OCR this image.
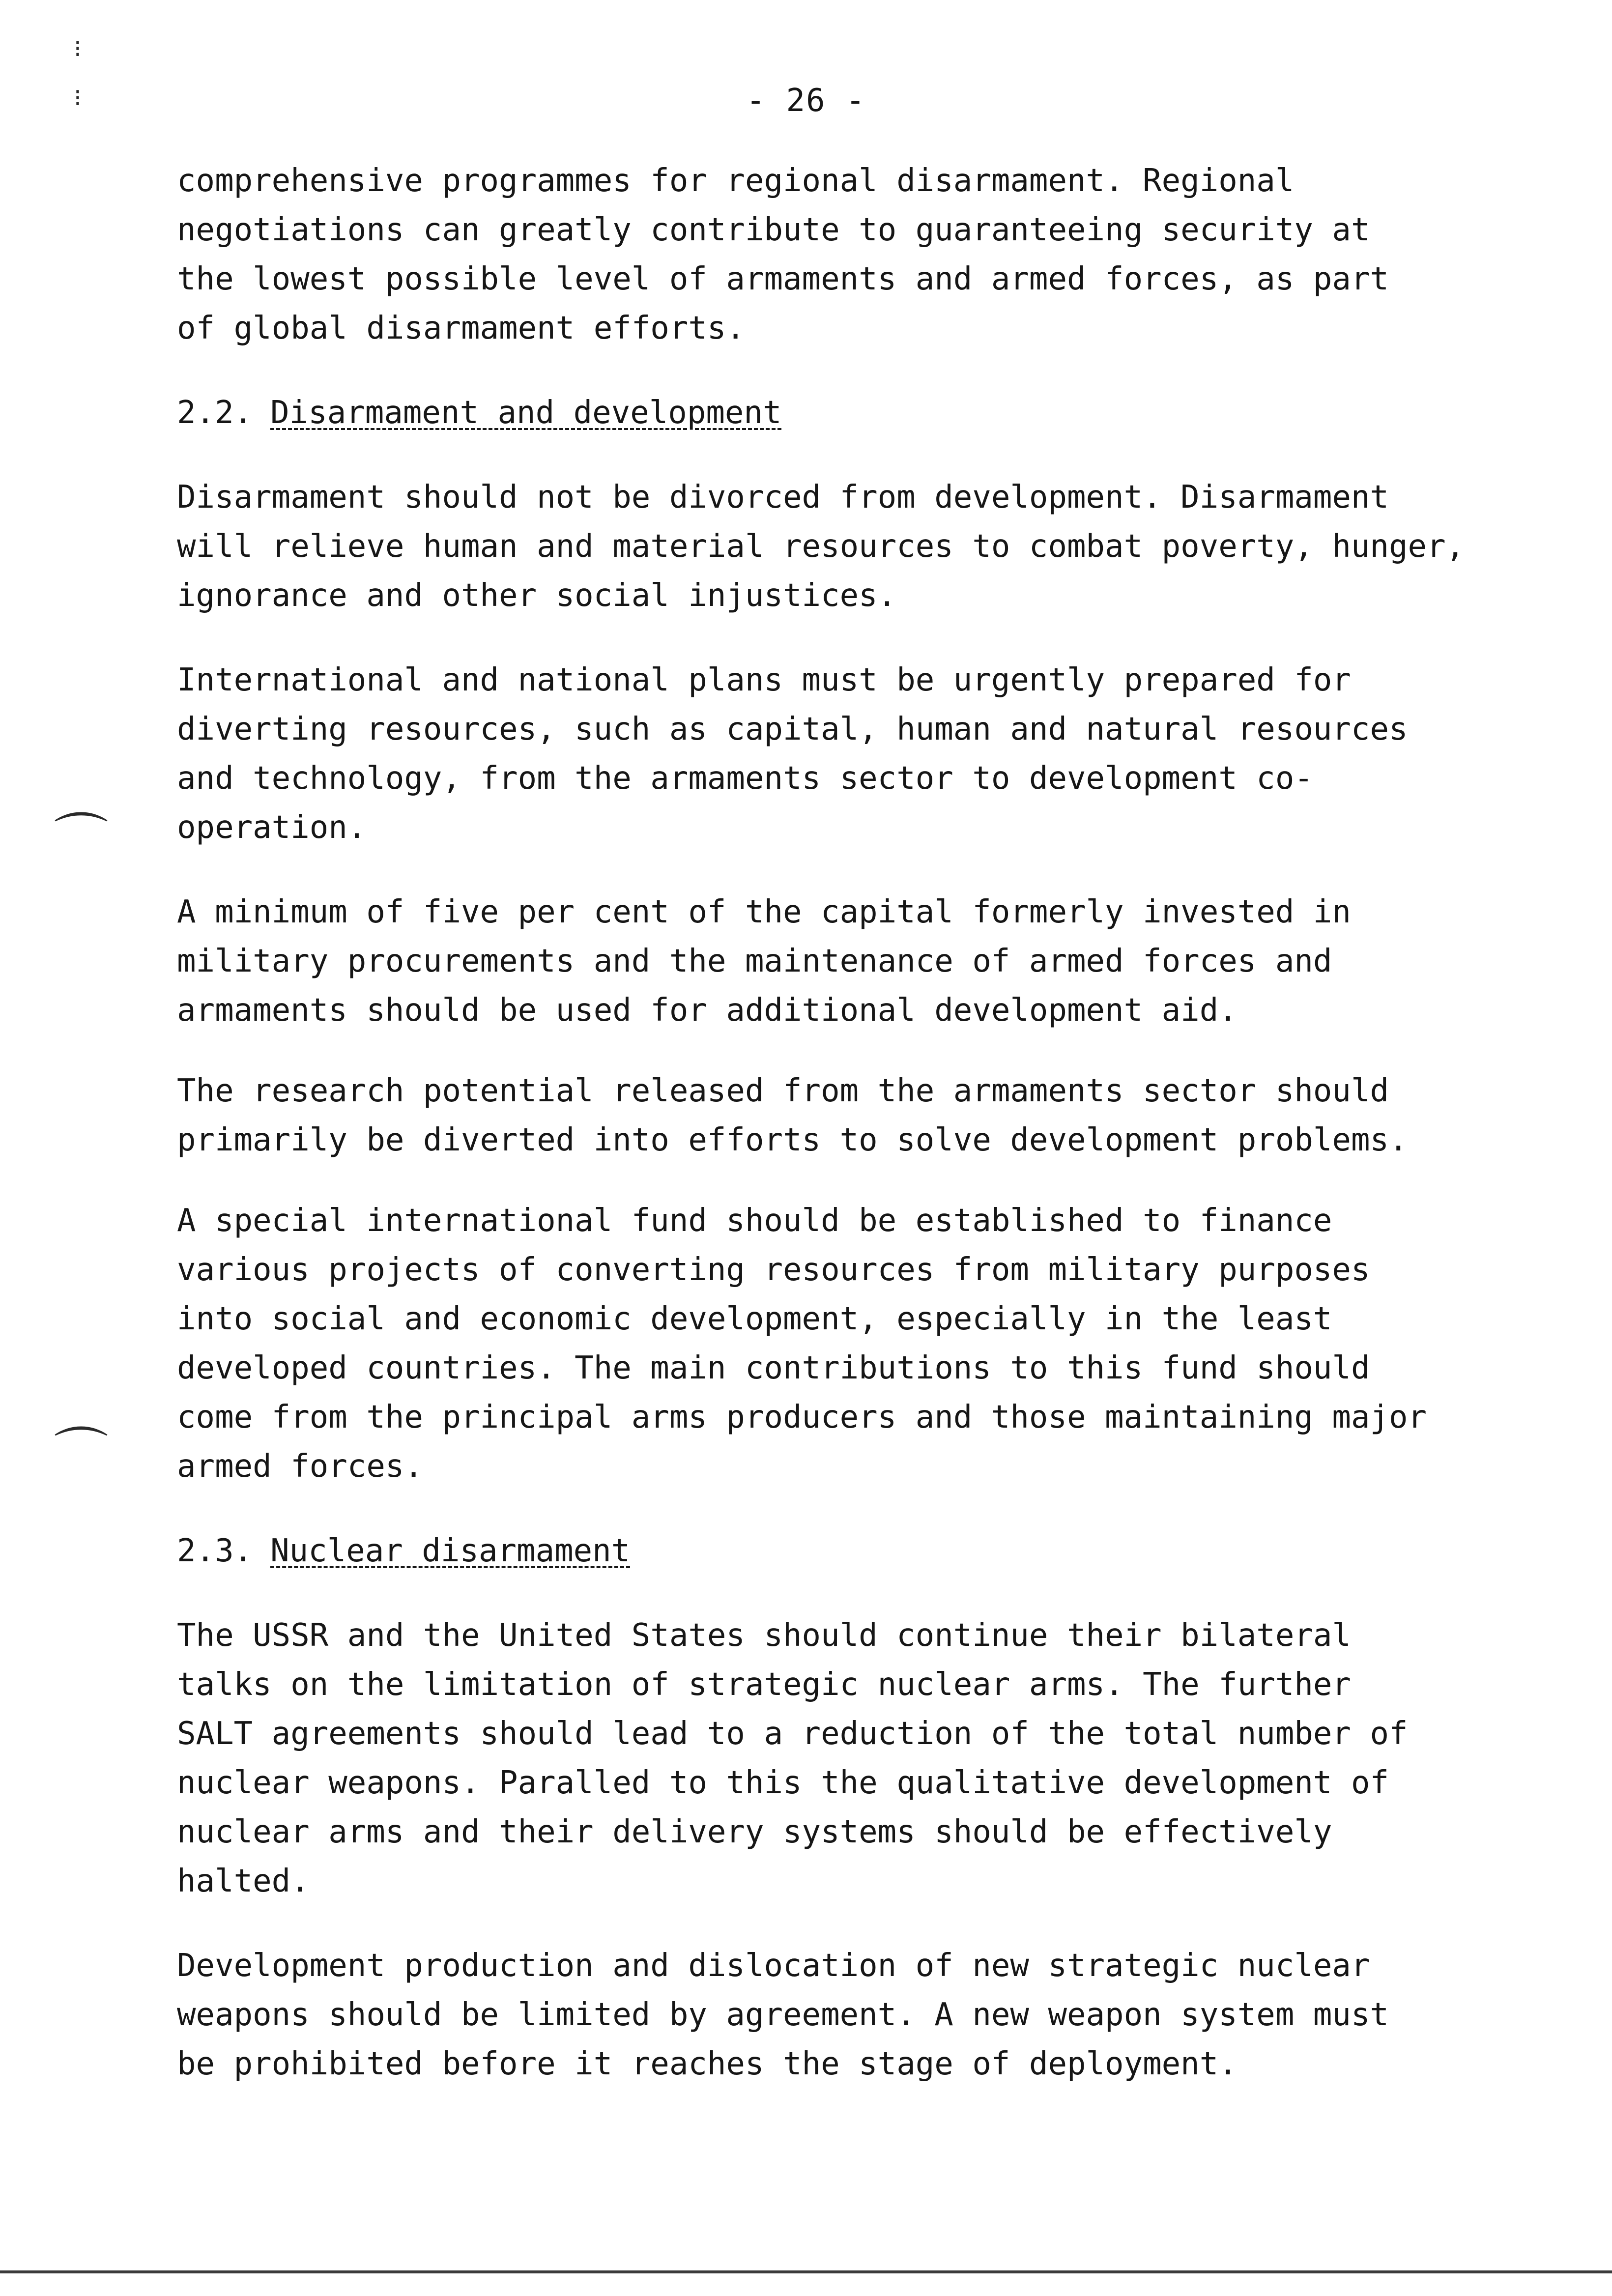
⁝
⁝
⌒
⌒
- 26 -

comprehensive programmes for regional disarmament. Regional
negotiations can greatly contribute to guaranteeing security at
the lowest possible level of armaments and armed forces, as part
of global disarmament efforts.

2.2. Disarmament and development

Disarmament should not be divorced from development. Disarmament
will relieve human and material resources to combat poverty, hunger,
ignorance and other social injustices.

International and national plans must be urgently prepared for
diverting resources, such as capital, human and natural resources
and technology, from the armaments sector to development co-
operation.

A minimum of five per cent of the capital formerly invested in
military procurements and the maintenance of armed forces and
armaments should be used for additional development aid.

The research potential released from the armaments sector should
primarily be diverted into efforts to solve development problems.

A special international fund should be established to finance
various projects of converting resources from military purposes
into social and economic development, especially in the least
developed countries. The main contributions to this fund should
come from the principal arms producers and those maintaining major
armed forces.

2.3. Nuclear disarmament

The USSR and the United States should continue their bilateral
talks on the limitation of strategic nuclear arms. The further
SALT agreements should lead to a reduction of the total number of
nuclear weapons. Paralled to this the qualitative development of
nuclear arms and their delivery systems should be effectively
halted.

Development production and dislocation of new strategic nuclear
weapons should be limited by agreement. A new weapon system must
be prohibited before it reaches the stage of deployment.
